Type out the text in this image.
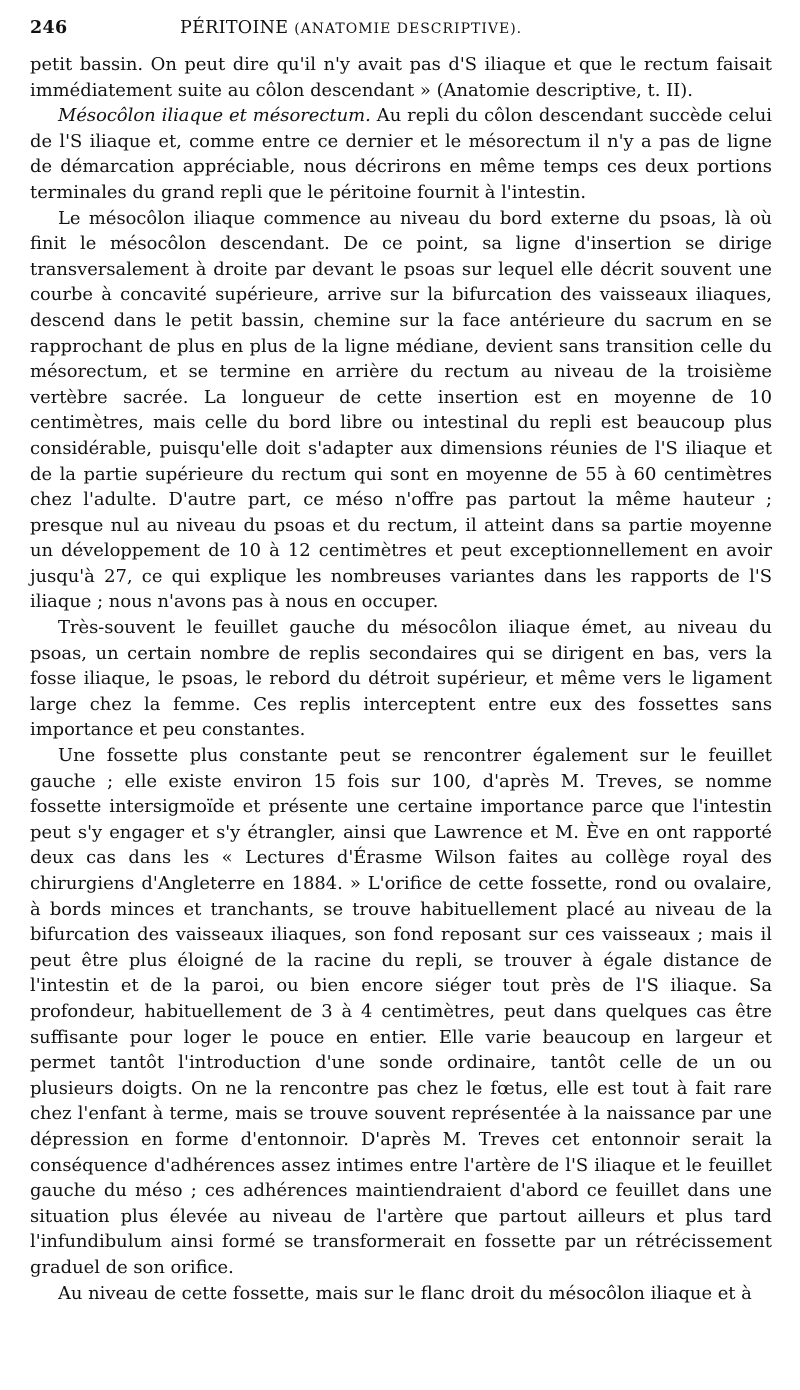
246	PÉRITOINE (ANATOMIE DESCRIPTIVE).

petit bassin. On peut dire qu'il n'y avait pas d'S iliaque et que le rectum faisait immédiatement suite au côlon descendant » (Anatomie descriptive, t. II).

Mésocôlon iliaque et mésorectum. Au repli du côlon descendant succède celui de l'S iliaque et, comme entre ce dernier et le mésorectum il n'y a pas de ligne de démarcation appréciable, nous décrirons en même temps ces deux portions terminales du grand repli que le péritoine fournit à l'intestin.

Le mésocôlon iliaque commence au niveau du bord externe du psoas, là où finit le mésocôlon descendant. De ce point, sa ligne d'insertion se dirige transversalement à droite par devant le psoas sur lequel elle décrit souvent une courbe à concavité supérieure, arrive sur la bifurcation des vaisseaux iliaques, descend dans le petit bassin, chemine sur la face antérieure du sacrum en se rapprochant de plus en plus de la ligne médiane, devient sans transition celle du mésorectum, et se termine en arrière du rectum au niveau de la troisième vertèbre sacrée. La longueur de cette insertion est en moyenne de 10 centimètres, mais celle du bord libre ou intestinal du repli est beaucoup plus considérable, puisqu'elle doit s'adapter aux dimensions réunies de l'S iliaque et de la partie supérieure du rectum qui sont en moyenne de 55 à 60 centimètres chez l'adulte. D'autre part, ce méso n'offre pas partout la même hauteur ; presque nul au niveau du psoas et du rectum, il atteint dans sa partie moyenne un développement de 10 à 12 centimètres et peut exceptionnellement en avoir jusqu'à 27, ce qui explique les nombreuses variantes dans les rapports de l'S iliaque ; nous n'avons pas à nous en occuper.

Très-souvent le feuillet gauche du mésocôlon iliaque émet, au niveau du psoas, un certain nombre de replis secondaires qui se dirigent en bas, vers la fosse iliaque, le psoas, le rebord du détroit supérieur, et même vers le ligament large chez la femme. Ces replis interceptent entre eux des fossettes sans importance et peu constantes.

Une fossette plus constante peut se rencontrer également sur le feuillet gauche ; elle existe environ 15 fois sur 100, d'après M. Treves, se nomme fossette intersigmoïde et présente une certaine importance parce que l'intestin peut s'y engager et s'y étrangler, ainsi que Lawrence et M. Ève en ont rapporté deux cas dans les « Lectures d'Érasme Wilson faites au collège royal des chirurgiens d'Angleterre en 1884. » L'orifice de cette fossette, rond ou ovalaire, à bords minces et tranchants, se trouve habituellement placé au niveau de la bifurcation des vaisseaux iliaques, son fond reposant sur ces vaisseaux ; mais il peut être plus éloigné de la racine du repli, se trouver à égale distance de l'intestin et de la paroi, ou bien encore siéger tout près de l'S iliaque. Sa profondeur, habituellement de 3 à 4 centimètres, peut dans quelques cas être suffisante pour loger le pouce en entier. Elle varie beaucoup en largeur et permet tantôt l'introduction d'une sonde ordinaire, tantôt celle de un ou plusieurs doigts. On ne la rencontre pas chez le fœtus, elle est tout à fait rare chez l'enfant à terme, mais se trouve souvent représentée à la naissance par une dépression en forme d'entonnoir. D'après M. Treves cet entonnoir serait la conséquence d'adhérences assez intimes entre l'artère de l'S iliaque et le feuillet gauche du méso ; ces adhérences maintiendraient d'abord ce feuillet dans une situation plus élevée au niveau de l'artère que partout ailleurs et plus tard l'infundibulum ainsi formé se transformerait en fossette par un rétrécissement graduel de son orifice.

Au niveau de cette fossette, mais sur le flanc droit du mésocôlon iliaque et à
